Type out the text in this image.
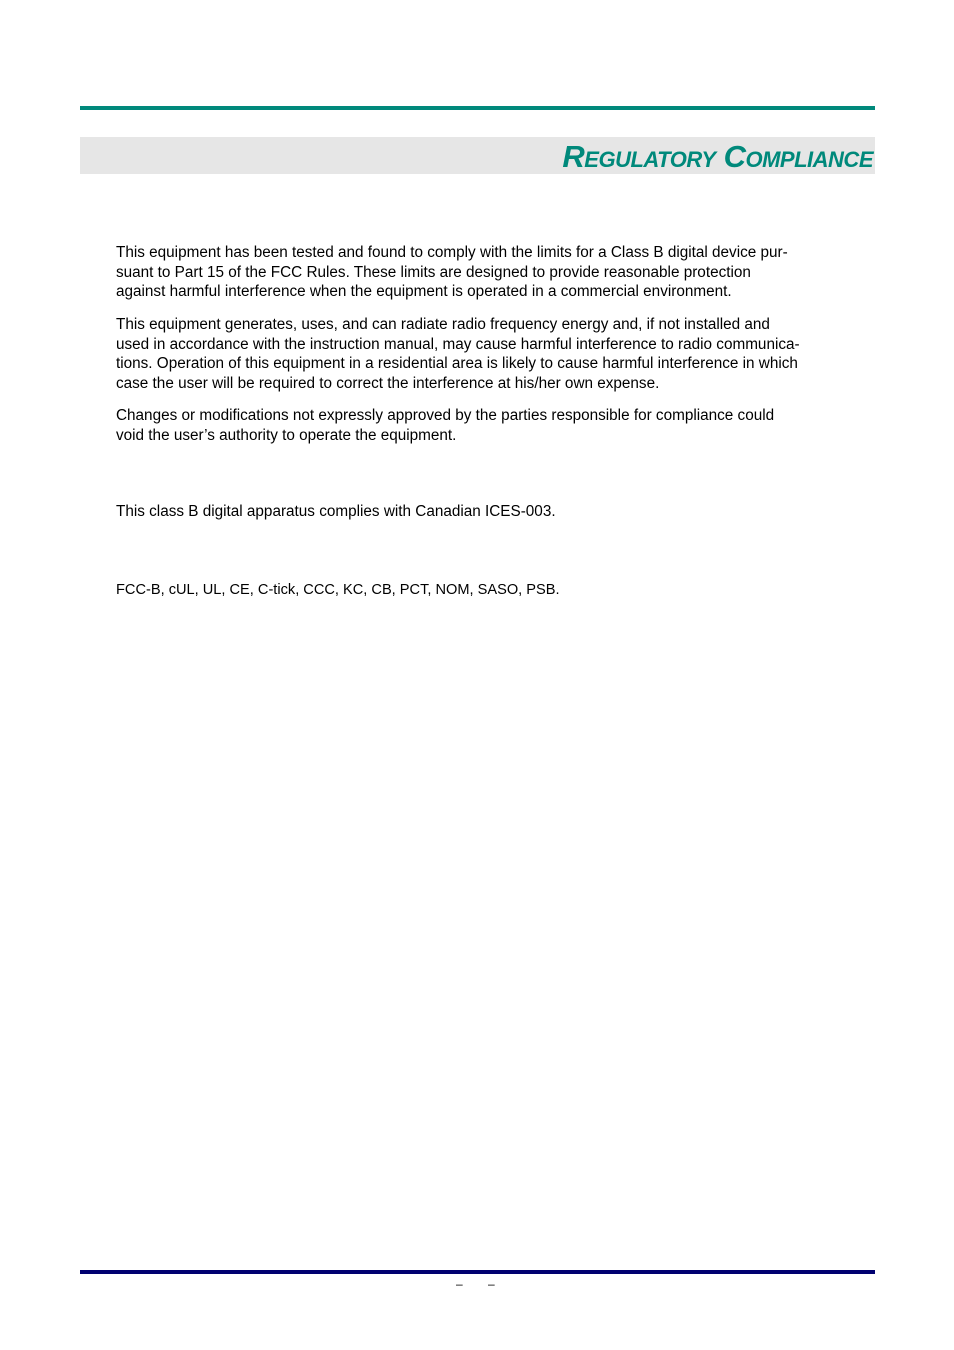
Regulatory Compliance

This equipment has been tested and found to comply with the limits for a Class B digital device pur-
suant to Part 15 of the FCC Rules. These limits are designed to provide reasonable protection
against harmful interference when the equipment is operated in a commercial environment.

This equipment generates, uses, and can radiate radio frequency energy and, if not installed and
used in accordance with the instruction manual, may cause harmful interference to radio communica-
tions. Operation of this equipment in a residential area is likely to cause harmful interference in which
case the user will be required to correct the interference at his/her own expense.

Changes or modifications not expressly approved by the parties responsible for compliance could
void the user’s authority to operate the equipment.

This class B digital apparatus complies with Canadian ICES-003.

FCC-B, cUL, UL, CE, C-tick, CCC, KC, CB, PCT, NOM, SASO, PSB.

– –
